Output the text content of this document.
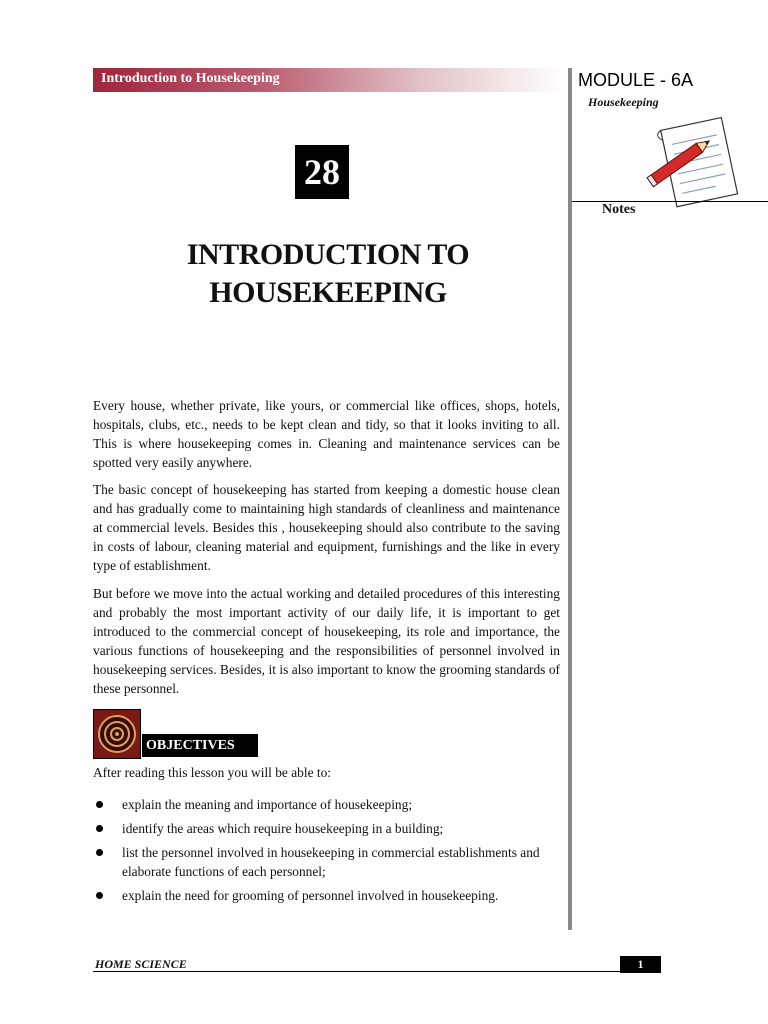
Introduction to Housekeeping	MODULE - 6A
Housekeeping
Notes
28
INTRODUCTION TO
HOUSEKEEPING

Every house, whether private, like yours, or commercial like offices, shops, hotels, hospitals, clubs, etc., needs to be kept clean and tidy, so that it looks inviting to all. This is where housekeeping comes in. Cleaning and maintenance services can be spotted very easily anywhere.

The basic concept of housekeeping has started from keeping a domestic house clean and has gradually come to maintaining high standards of cleanliness and maintenance at commercial levels. Besides this , housekeeping should also contribute to the saving in costs of labour, cleaning material and equipment, furnishings and the like in every type of establishment.

But before we move into the actual working and detailed procedures of this interesting and probably the most important activity of our daily life, it is important to get introduced to the commercial concept of housekeeping, its role and importance, the various functions of housekeeping and the responsibilities of personnel involved in housekeeping services. Besides, it is also important to know the grooming standards of these personnel.

OBJECTIVES
After reading this lesson you will be able to:
explain the meaning and importance of housekeeping;
identify the areas which require housekeeping in a building;
list the personnel involved in housekeeping in commercial establishments and elaborate functions of each personnel;
explain the need for grooming of personnel involved in housekeeping.
HOME SCIENCE	1
